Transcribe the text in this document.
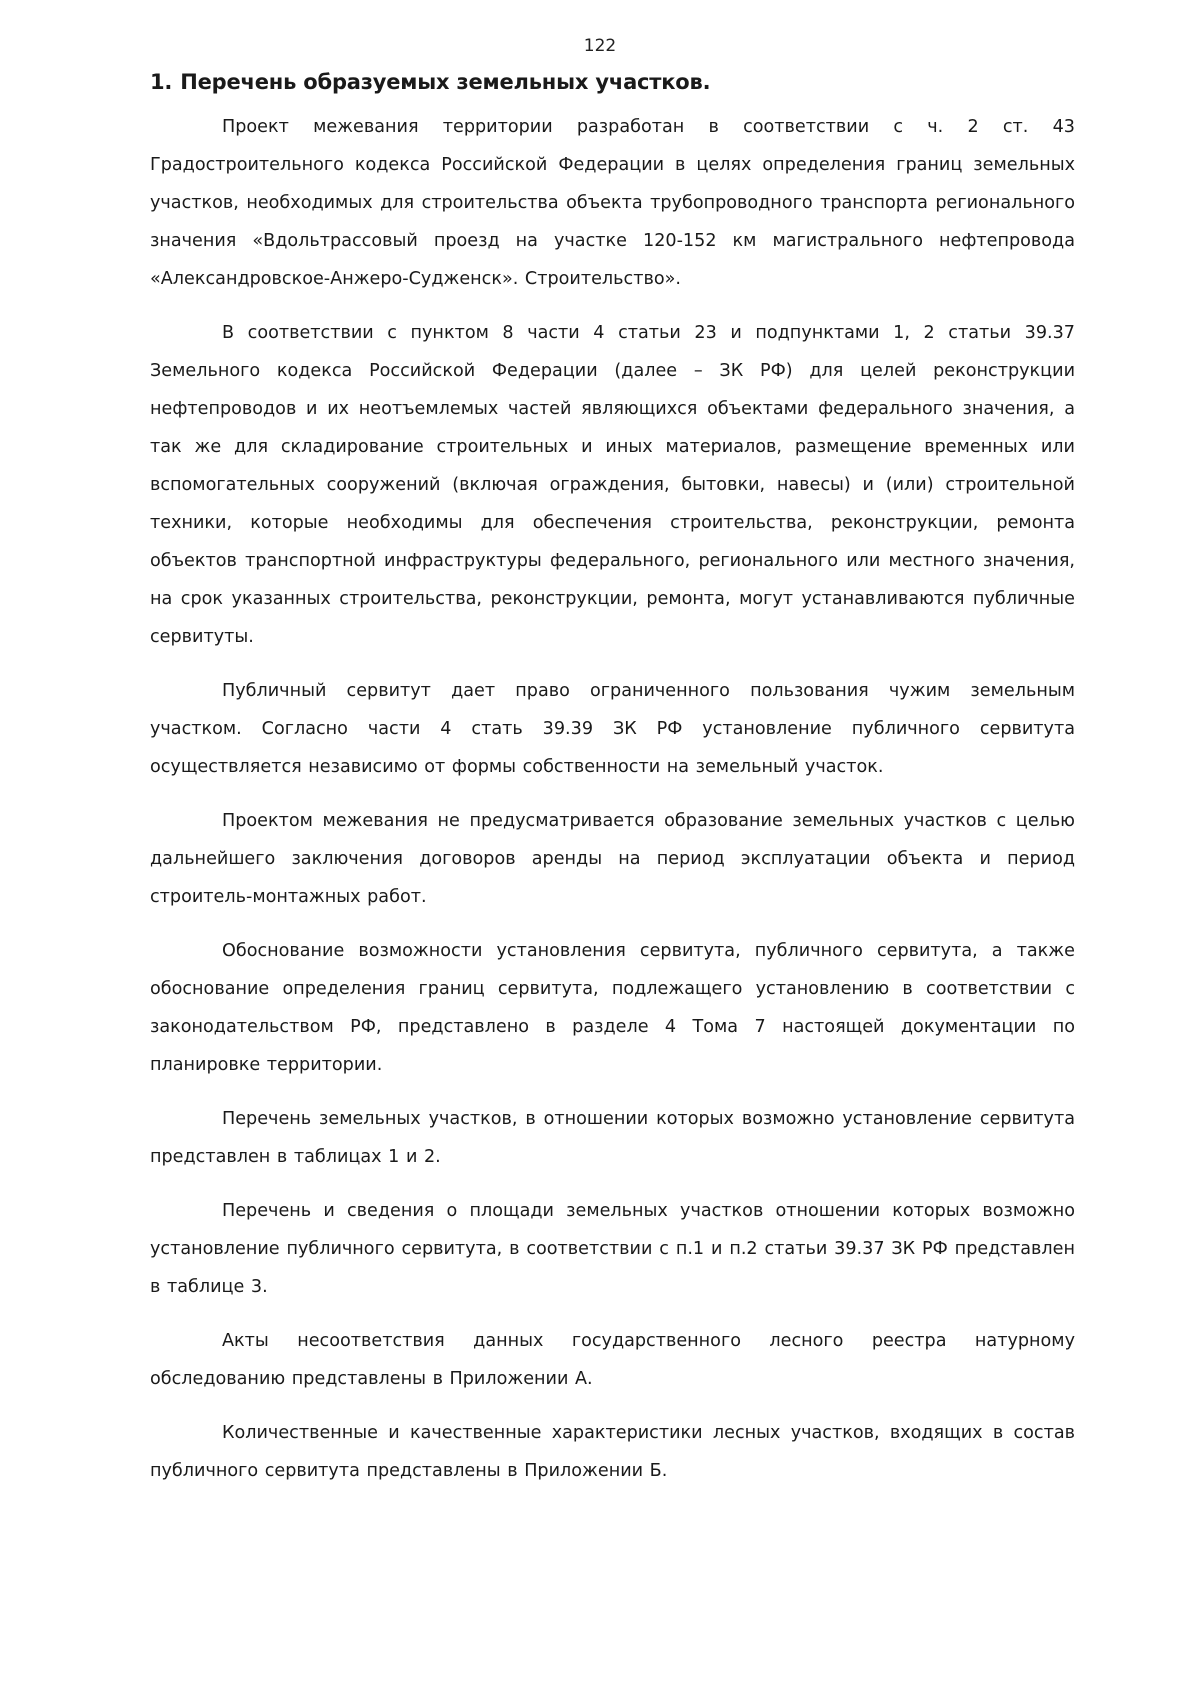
122
1. Перечень образуемых земельных участков.

Проект межевания территории разработан в соответствии с ч. 2 ст. 43 Градостроительного кодекса Российской Федерации в целях определения границ земельных участков, необходимых для строительства объекта трубопроводного транспорта регионального значения «Вдольтрассовый проезд на участке 120-152 км магистрального нефтепровода «Александровское-Анжеро-Судженск». Строительство».

В соответствии с пунктом 8 части 4 статьи 23 и подпунктами 1, 2 статьи 39.37 Земельного кодекса Российской Федерации (далее – ЗК РФ) для целей реконструкции нефтепроводов и их неотъемлемых частей являющихся объектами федерального значения, а так же для складирование строительных и иных материалов, размещение временных или вспомогательных сооружений (включая ограждения, бытовки, навесы) и (или) строительной техники, которые необходимы для обеспечения строительства, реконструкции, ремонта объектов транспортной инфраструктуры федерального, регионального или местного значения, на срок указанных строительства, реконструкции, ремонта, могут устанавливаются публичные сервитуты.

Публичный сервитут дает право ограниченного пользования чужим земельным участком. Согласно части 4 стать 39.39 ЗК РФ установление публичного сервитута осуществляется независимо от формы собственности на земельный участок.

Проектом межевания не предусматривается образование земельных участков с целью дальнейшего заключения договоров аренды на период эксплуатации объекта и период строитель-монтажных работ.

Обоснование возможности установления сервитута, публичного сервитута, а также обоснование определения границ сервитута, подлежащего установлению в соответствии с законодательством РФ, представлено в разделе 4 Тома 7 настоящей документации по планировке территории.

Перечень земельных участков, в отношении которых возможно установление сервитута представлен в таблицах 1 и 2.

Перечень и сведения о площади земельных участков отношении которых возможно установление публичного сервитута, в соответствии с п.1 и п.2 статьи 39.37 ЗК РФ представлен в таблице 3.

Акты несоответствия данных государственного лесного реестра натурному обследованию представлены в Приложении А.

Количественные и качественные характеристики лесных участков, входящих в состав публичного сервитута представлены в Приложении Б.
